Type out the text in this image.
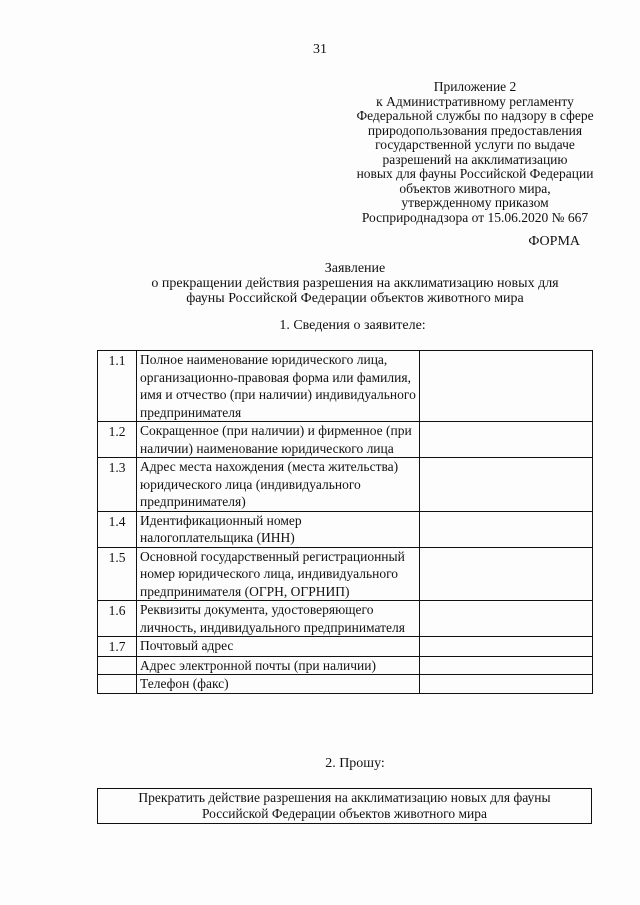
31
Приложение 2
к Административному регламенту
Федеральной службы по надзору в сфере
природопользования предоставления
государственной услуги по выдаче
разрешений на акклиматизацию
новых для фауны Российской Федерации
объектов животного мира,
утвержденному приказом
Росприроднадзора от 15.06.2020 № 667
ФОРМА
Заявление
о прекращении действия разрешения на акклиматизацию новых для
фауны Российской Федерации объектов животного мира
1. Сведения о заявителе:
1.1	Полное наименование юридического лица, организационно-правовая форма или фамилия, имя и отчество (при наличии) индивидуального предпринимателя	
1.2	Сокращенное (при наличии) и фирменное (при наличии) наименование юридического лица	
1.3	Адрес места нахождения (места жительства) юридического лица (индивидуального предпринимателя)	
1.4	Идентификационный номер налогоплательщика (ИНН)	
1.5	Основной государственный регистрационный номер юридического лица, индивидуального предпринимателя (ОГРН, ОГРНИП)	
1.6	Реквизиты документа, удостоверяющего личность, индивидуального предпринимателя	
1.7	Почтовый адрес	
	Адрес электронной почты (при наличии)	
	Телефон (факс)	
2. Прошу:
Прекратить действие разрешения на акклиматизацию новых для фауны
Российской Федерации объектов животного мира
